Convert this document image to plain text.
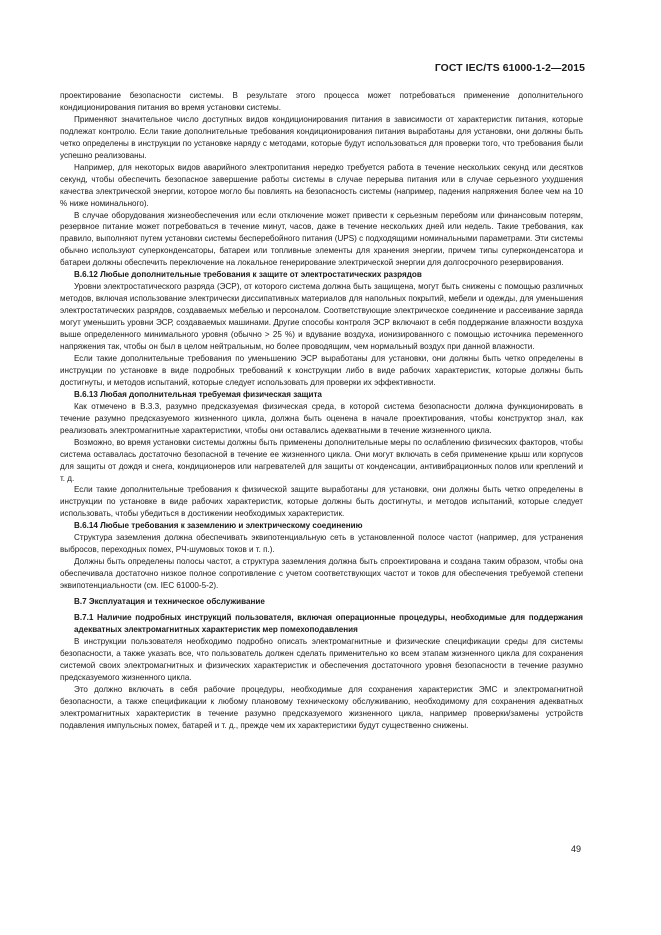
ГОСТ IEC/TS 61000-1-2—2015

проектирование безопасности системы. В результате этого процесса может потребоваться применение дополнительного кондиционирования питания во время установки системы.

Применяют значительное число доступных видов кондиционирования питания в зависимости от характеристик питания, которые подлежат контролю. Если такие дополнительные требования кондиционирования питания выработаны для установки, они должны быть четко определены в инструкции по установке наряду с методами, которые будут использоваться для проверки того, что требования были успешно реализованы.

Например, для некоторых видов аварийного электропитания нередко требуется работа в течение нескольких секунд или десятков секунд, чтобы обеспечить безопасное завершение работы системы в случае перерыва питания или в случае серьезного ухудшения качества электрической энергии, которое могло бы повлиять на безопасность системы (например, падения напряжения более чем на 10 % ниже номинального).

В случае оборудования жизнеобеспечения или если отключение может привести к серьезным перебоям или финансовым потерям, резервное питание может потребоваться в течение минут, часов, даже в течение нескольких дней или недель. Такие требования, как правило, выполняют путем установки системы бесперебойного питания (UPS) с подходящими номинальными параметрами. Эти системы обычно используют суперконденсаторы, батареи или топливные элементы для хранения энергии, причем типы суперконденсатора и батареи должны обеспечить переключение на локальное генерирование электрической энергии для долгосрочного резервирования.

В.6.12 Любые дополнительные требования к защите от электростатических разрядов

Уровни электростатического разряда (ЭСР), от которого система должна быть защищена, могут быть снижены с помощью различных методов, включая использование электрически диссипативных материалов для напольных покрытий, мебели и одежды, для уменьшения электростатических разрядов, создаваемых мебелью и персоналом. Соответствующие электрическое соединение и рассеивание заряда могут уменьшить уровни ЭСР, создаваемых машинами. Другие способы контроля ЭСР включают в себя поддержание влажности воздуха выше определенного минимального уровня (обычно > 25 %) и вдувание воздуха, ионизированного с помощью источника переменного напряжения так, чтобы он был в целом нейтральным, но более проводящим, чем нормальный воздух при данной влажности.

Если такие дополнительные требования по уменьшению ЭСР выработаны для установки, они должны быть четко определены в инструкции по установке в виде подробных требований к конструкции либо в виде рабочих характеристик, которые должны быть достигнуты, и методов испытаний, которые следует использовать для проверки их эффективности.

В.6.13 Любая дополнительная требуемая физическая защита

Как отмечено в В.3.3, разумно предсказуемая физическая среда, в которой система безопасности должна функционировать в течение разумно предсказуемого жизненного цикла, должна быть оценена в начале проектирования, чтобы конструктор знал, как реализовать электромагнитные характеристики, чтобы они оставались адекватными в течение жизненного цикла.

Возможно, во время установки системы должны быть применены дополнительные меры по ослаблению физических факторов, чтобы система оставалась достаточно безопасной в течение ее жизненного цикла. Они могут включать в себя применение крыш или корпусов для защиты от дождя и снега, кондиционеров или нагревателей для защиты от конденсации, антивибрационных полов или креплений и т. д.

Если такие дополнительные требования к физической защите выработаны для установки, они должны быть четко определены в инструкции по установке в виде рабочих характеристик, которые должны быть достигнуты, и методов испытаний, которые следует использовать, чтобы убедиться в достижении необходимых характеристик.

В.6.14 Любые требования к заземлению и электрическому соединению

Структура заземления должна обеспечивать эквипотенциальную сеть в установленной полосе частот (например, для устранения выбросов, переходных помех, РЧ-шумовых токов и т. п.).

Должны быть определены полосы частот, а структура заземления должна быть спроектирована и создана таким образом, чтобы она обеспечивала достаточно низкое полное сопротивление с учетом соответствующих частот и токов для обеспечения требуемой степени эквипотенциальности (см. IEC 61000-5-2).

В.7 Эксплуатация и техническое обслуживание
В.7.1 Наличие подробных инструкций пользователя, включая операционные процедуры, необходимые для поддержания адекватных электромагнитных характеристик мер помехоподавления

В инструкции пользователя необходимо подробно описать электромагнитные и физические спецификации среды для системы безопасности, а также указать все, что пользователь должен сделать применительно ко всем этапам жизненного цикла для сохранения системой своих электромагнитных и физических характеристик и обеспечения достаточного уровня безопасности в течение разумно предсказуемого жизненного цикла.

Это должно включать в себя рабочие процедуры, необходимые для сохранения характеристик ЭМС и электромагнитной безопасности, а также спецификации к любому плановому техническому обслуживанию, необходимому для сохранения адекватных электромагнитных характеристик в течение разумно предсказуемого жизненного цикла, например проверки/замены устройств подавления импульсных помех, батарей и т. д., прежде чем их характеристики будут существенно снижены.

49
